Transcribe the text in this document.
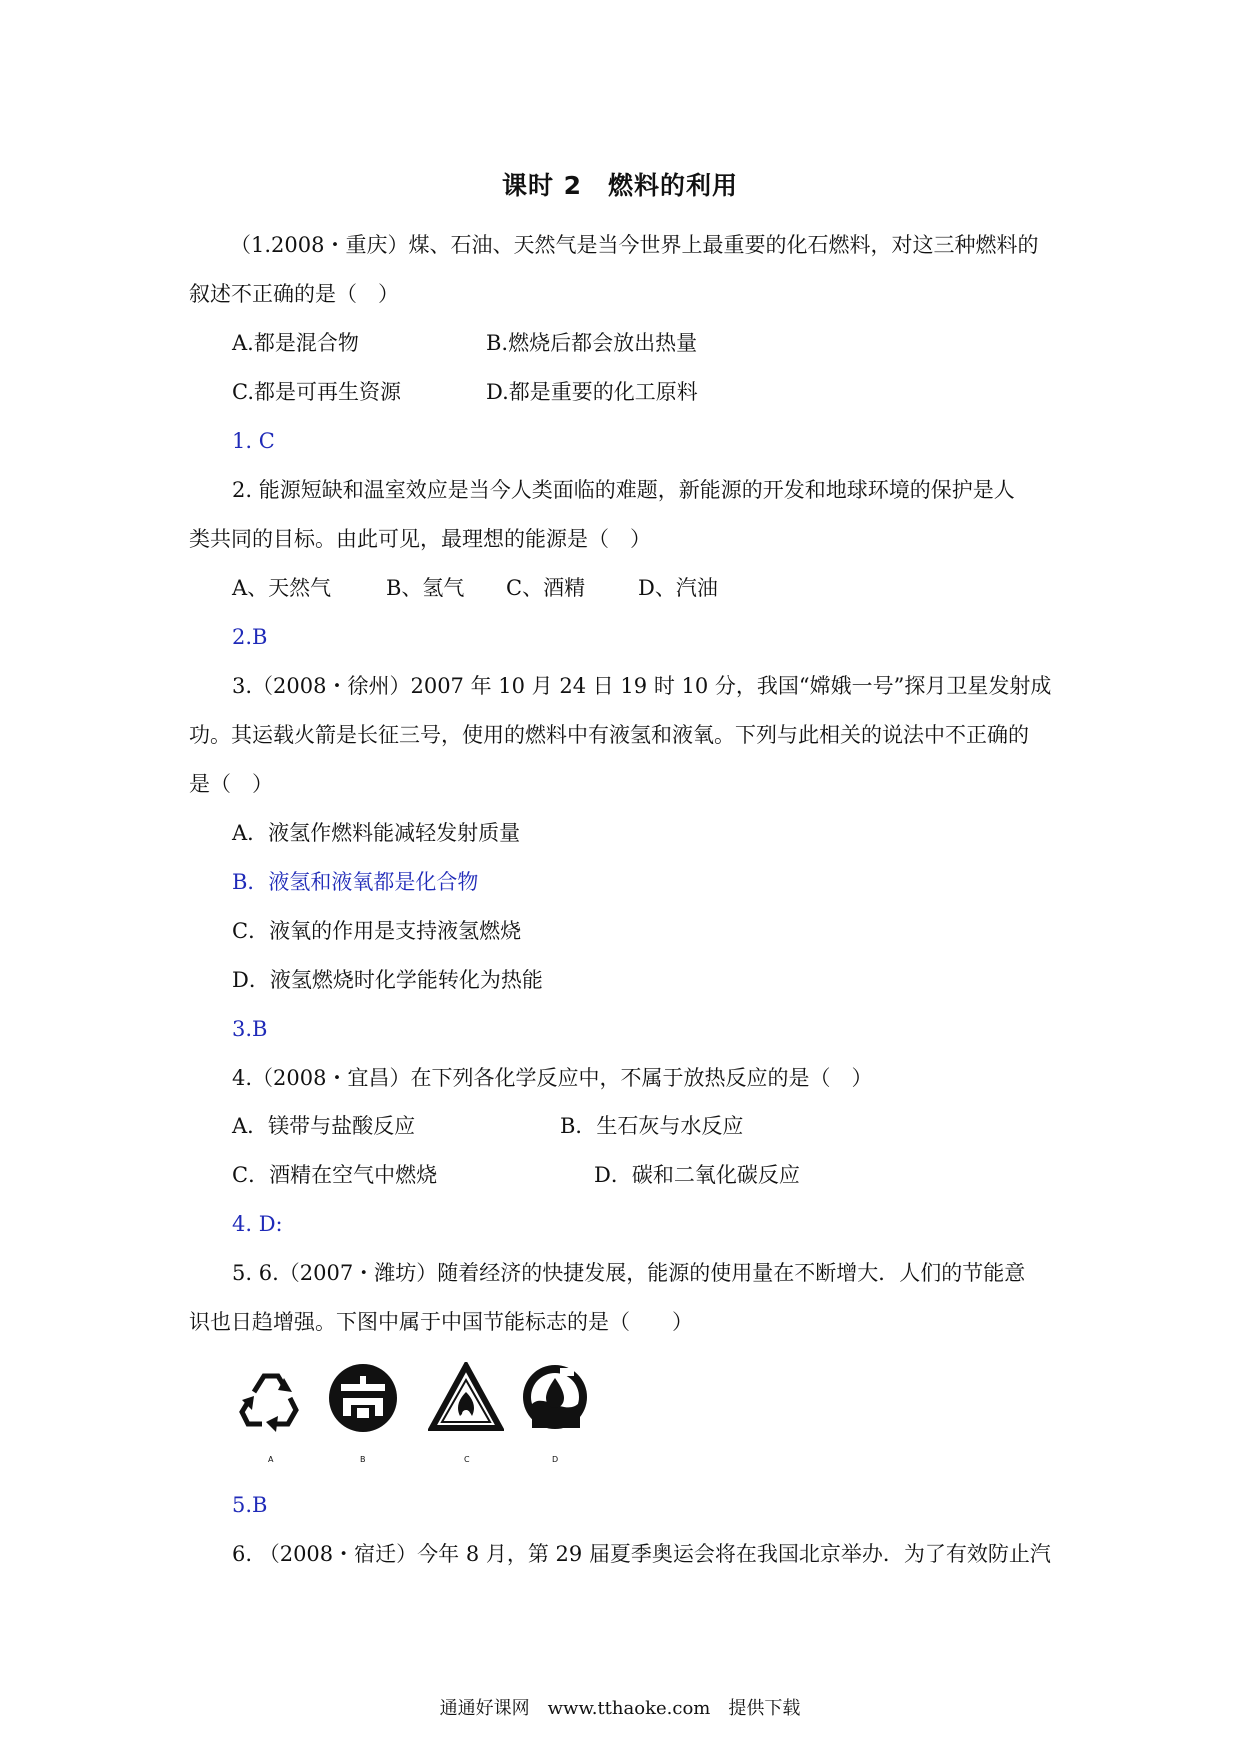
课时 2　燃料的利用
（1.2008・重庆）煤、石油、天然气是当今世界上最重要的化石燃料，对这三种燃料的
叙述不正确的是（　）
A.都是混合物	B.燃烧后都会放出热量
C.都是可再生资源	D.都是重要的化工原料
1. C
2. 能源短缺和温室效应是当今人类面临的难题，新能源的开发和地球环境的保护是人
类共同的目标。由此可见，最理想的能源是（　）
A、天然气	B、氢气 C、酒精	D、汽油
2.B
3.（2008・徐州）2007 年 10 月 24 日 19 时 10 分，我国“嫦娥一号”探月卫星发射成
功。其运载火箭是长征三号，使用的燃料中有液氢和液氧。下列与此相关的说法中不正确的
是（　）
A．液氢作燃料能减轻发射质量
B．液氢和液氧都是化合物
C．液氧的作用是支持液氢燃烧
D．液氢燃烧时化学能转化为热能
3.B
4.（2008・宜昌）在下列各化学反应中，不属于放热反应的是（　）
A．镁带与盐酸反应	B．生石灰与水反应
C．酒精在空气中燃烧	D．碳和二氧化碳反应
4. D:
5. 6.（2007・潍坊）随着经济的快捷发展，能源的使用量在不断增大．人们的节能意
识也日趋增强。下图中属于中国节能标志的是（　　）
A	B	C	D
5.B
6. （2008・宿迁）今年 8 月，第 29 届夏季奥运会将在我国北京举办．为了有效防止汽
通通好课网　www.tthaoke.com　提供下载
